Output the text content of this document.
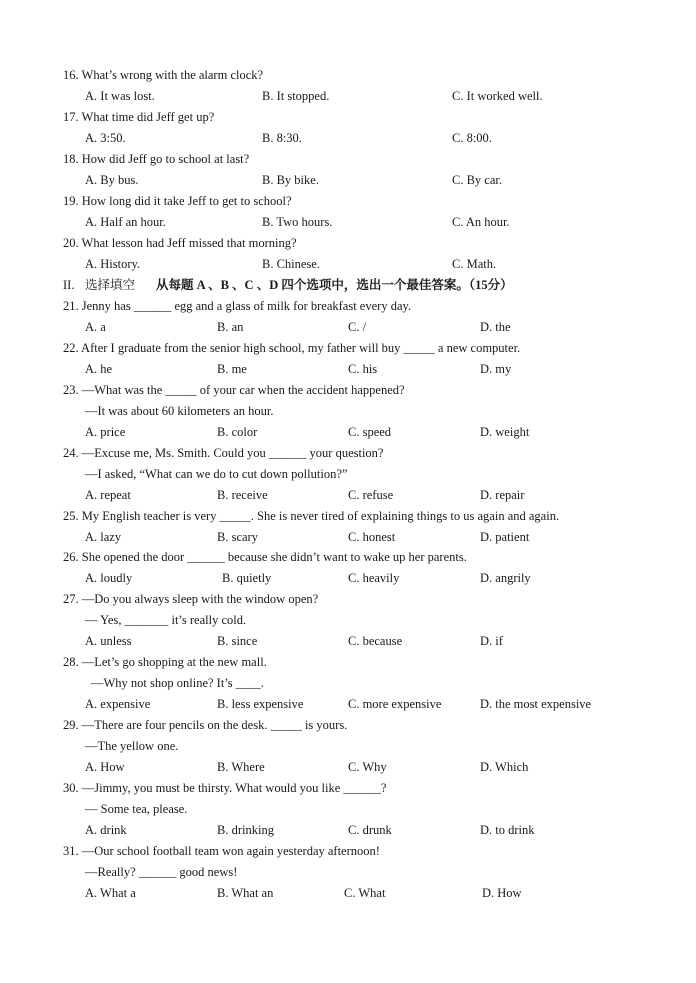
16. What’s wrong with the alarm clock?
A. It was lost.	B. It stopped.	C. It worked well.
17. What time did Jeff get up?
A. 3:50.	B. 8:30.	C. 8:00.
18. How did Jeff go to school at last?
A. By bus.	B. By bike.	C. By car.
19. How long did it take Jeff to get to school?
A. Half an hour.	B. Two hours.	C. An hour.
20. What lesson had Jeff missed that morning?
A. History.	B. Chinese.	C. Math.
II. 选择填空 从每题 A 、B 、C 、D 四个选项中，选出一个最佳答案。（15分）
21. Jenny has ______ egg and a glass of milk for breakfast every day.
A. a	B. an	C. /	D. the
22. After I graduate from the senior high school, my father will buy _____ a new computer.
A. he	B. me	C. his	D. my
23. —What was the _____ of your car when the accident happened?
—It was about 60 kilometers an hour.
A. price	B. color	C. speed	D. weight
24. —Excuse me, Ms. Smith. Could you ______ your question?
—I asked, “What can we do to cut down pollution?”
A. repeat	B. receive	C. refuse	D. repair
25. My English teacher is very _____. She is never tired of explaining things to us again and again.
A. lazy	B. scary	C. honest	D. patient
26. She opened the door ______ because she didn’t want to wake up her parents.
A. loudly	B. quietly	C. heavily	D. angrily
27. —Do you always sleep with the window open?
— Yes, _______ it’s really cold.
A. unless	B. since	C. because	D. if
28. —Let’s go shopping at the new mall.
—Why not shop online? It’s ____.
A. expensive	B. less expensive	C. more expensive	D. the most expensive
29. —There are four pencils on the desk. _____ is yours.
—The yellow one.
A. How	B. Where	C. Why	D. Which
30. —Jimmy, you must be thirsty. What would you like ______?
— Some tea, please.
A. drink	B. drinking	C. drunk	D. to drink
31. —Our school football team won again yesterday afternoon!
—Really? ______ good news!
A. What a	B. What an	C. What	D. How
